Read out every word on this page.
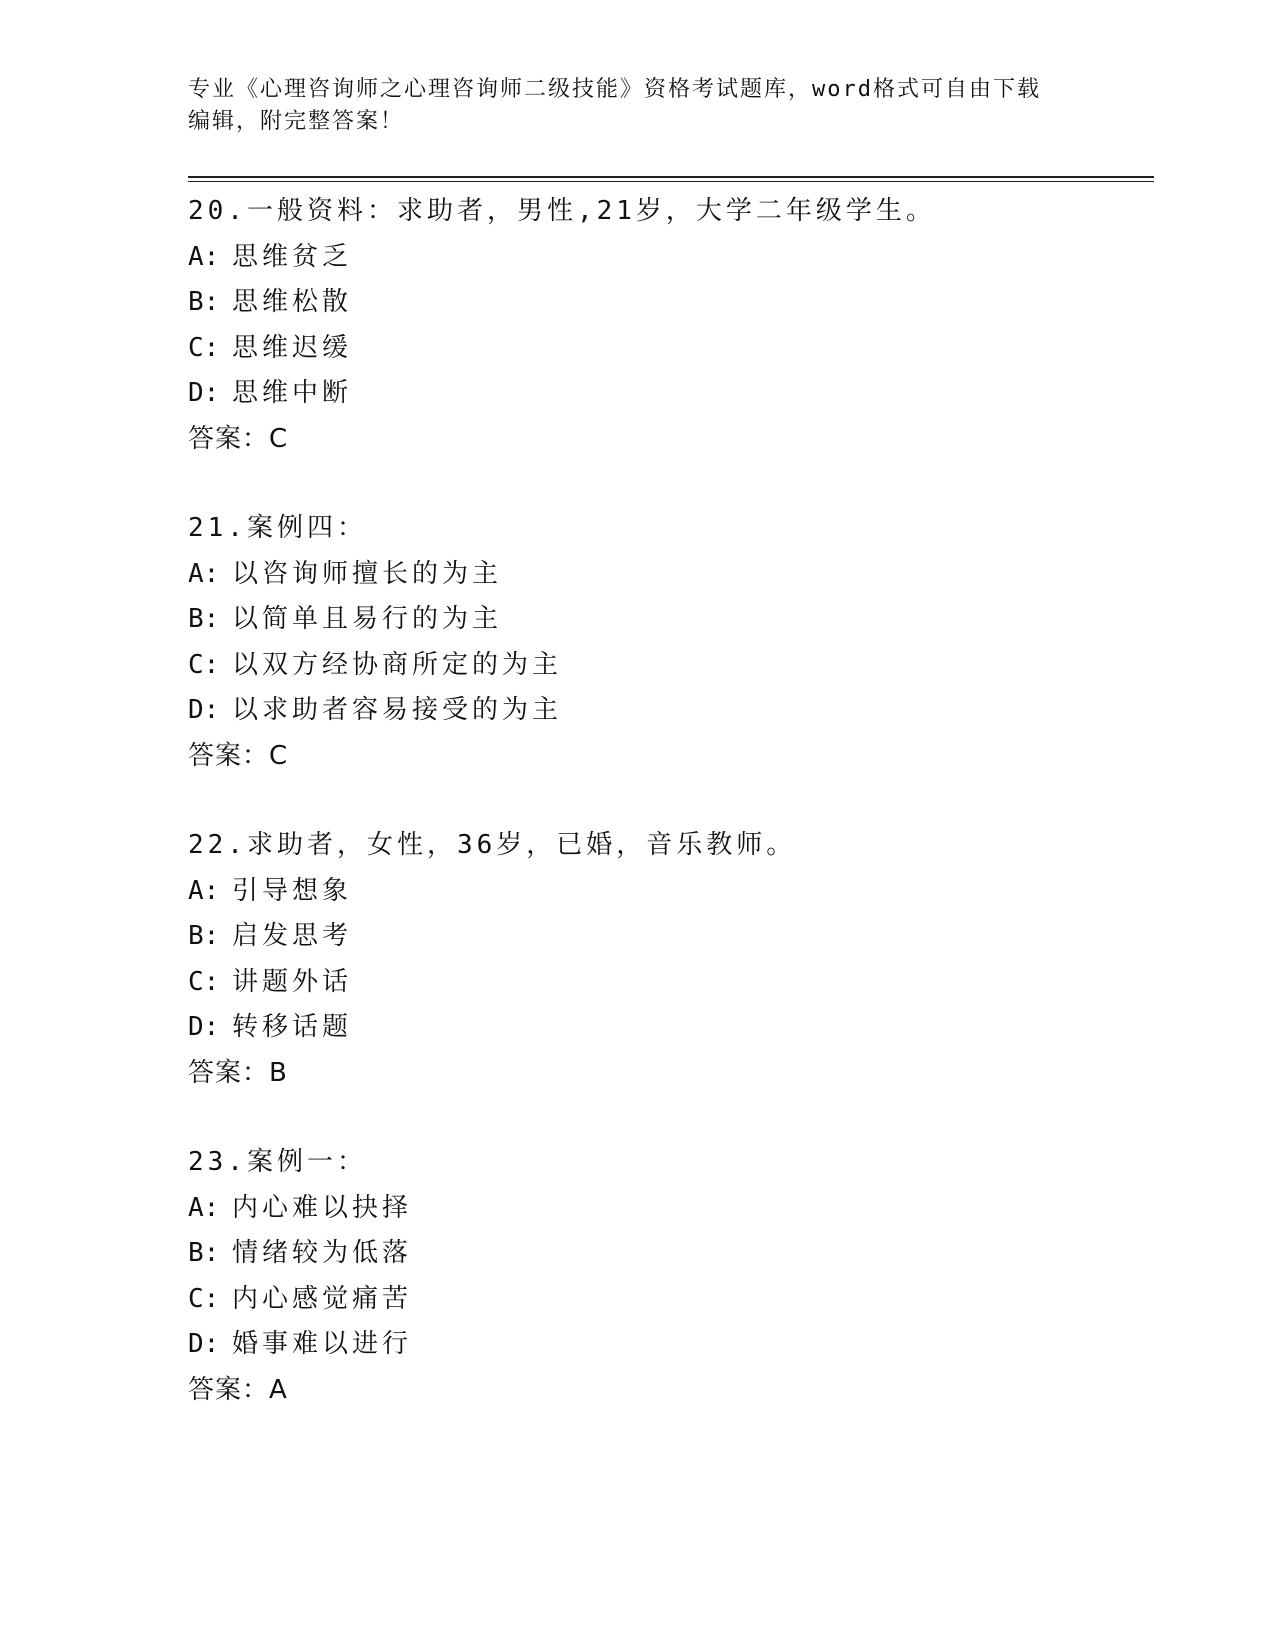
专业《心理咨询师之心理咨询师二级技能》资格考试题库，word格式可自由下载
编辑，附完整答案！
20.一般资料：求助者，男性,21岁，大学二年级学生。
A: 思维贫乏
B: 思维松散
C: 思维迟缓
D: 思维中断
答案：C
21.案例四：
A: 以咨询师擅长的为主
B: 以简单且易行的为主
C: 以双方经协商所定的为主
D: 以求助者容易接受的为主
答案：C
22.求助者，女性，36岁，已婚，音乐教师。
A: 引导想象
B: 启发思考
C: 讲题外话
D: 转移话题
答案：B
23.案例一：
A: 内心难以抉择
B: 情绪较为低落
C: 内心感觉痛苦
D: 婚事难以进行
答案：A
